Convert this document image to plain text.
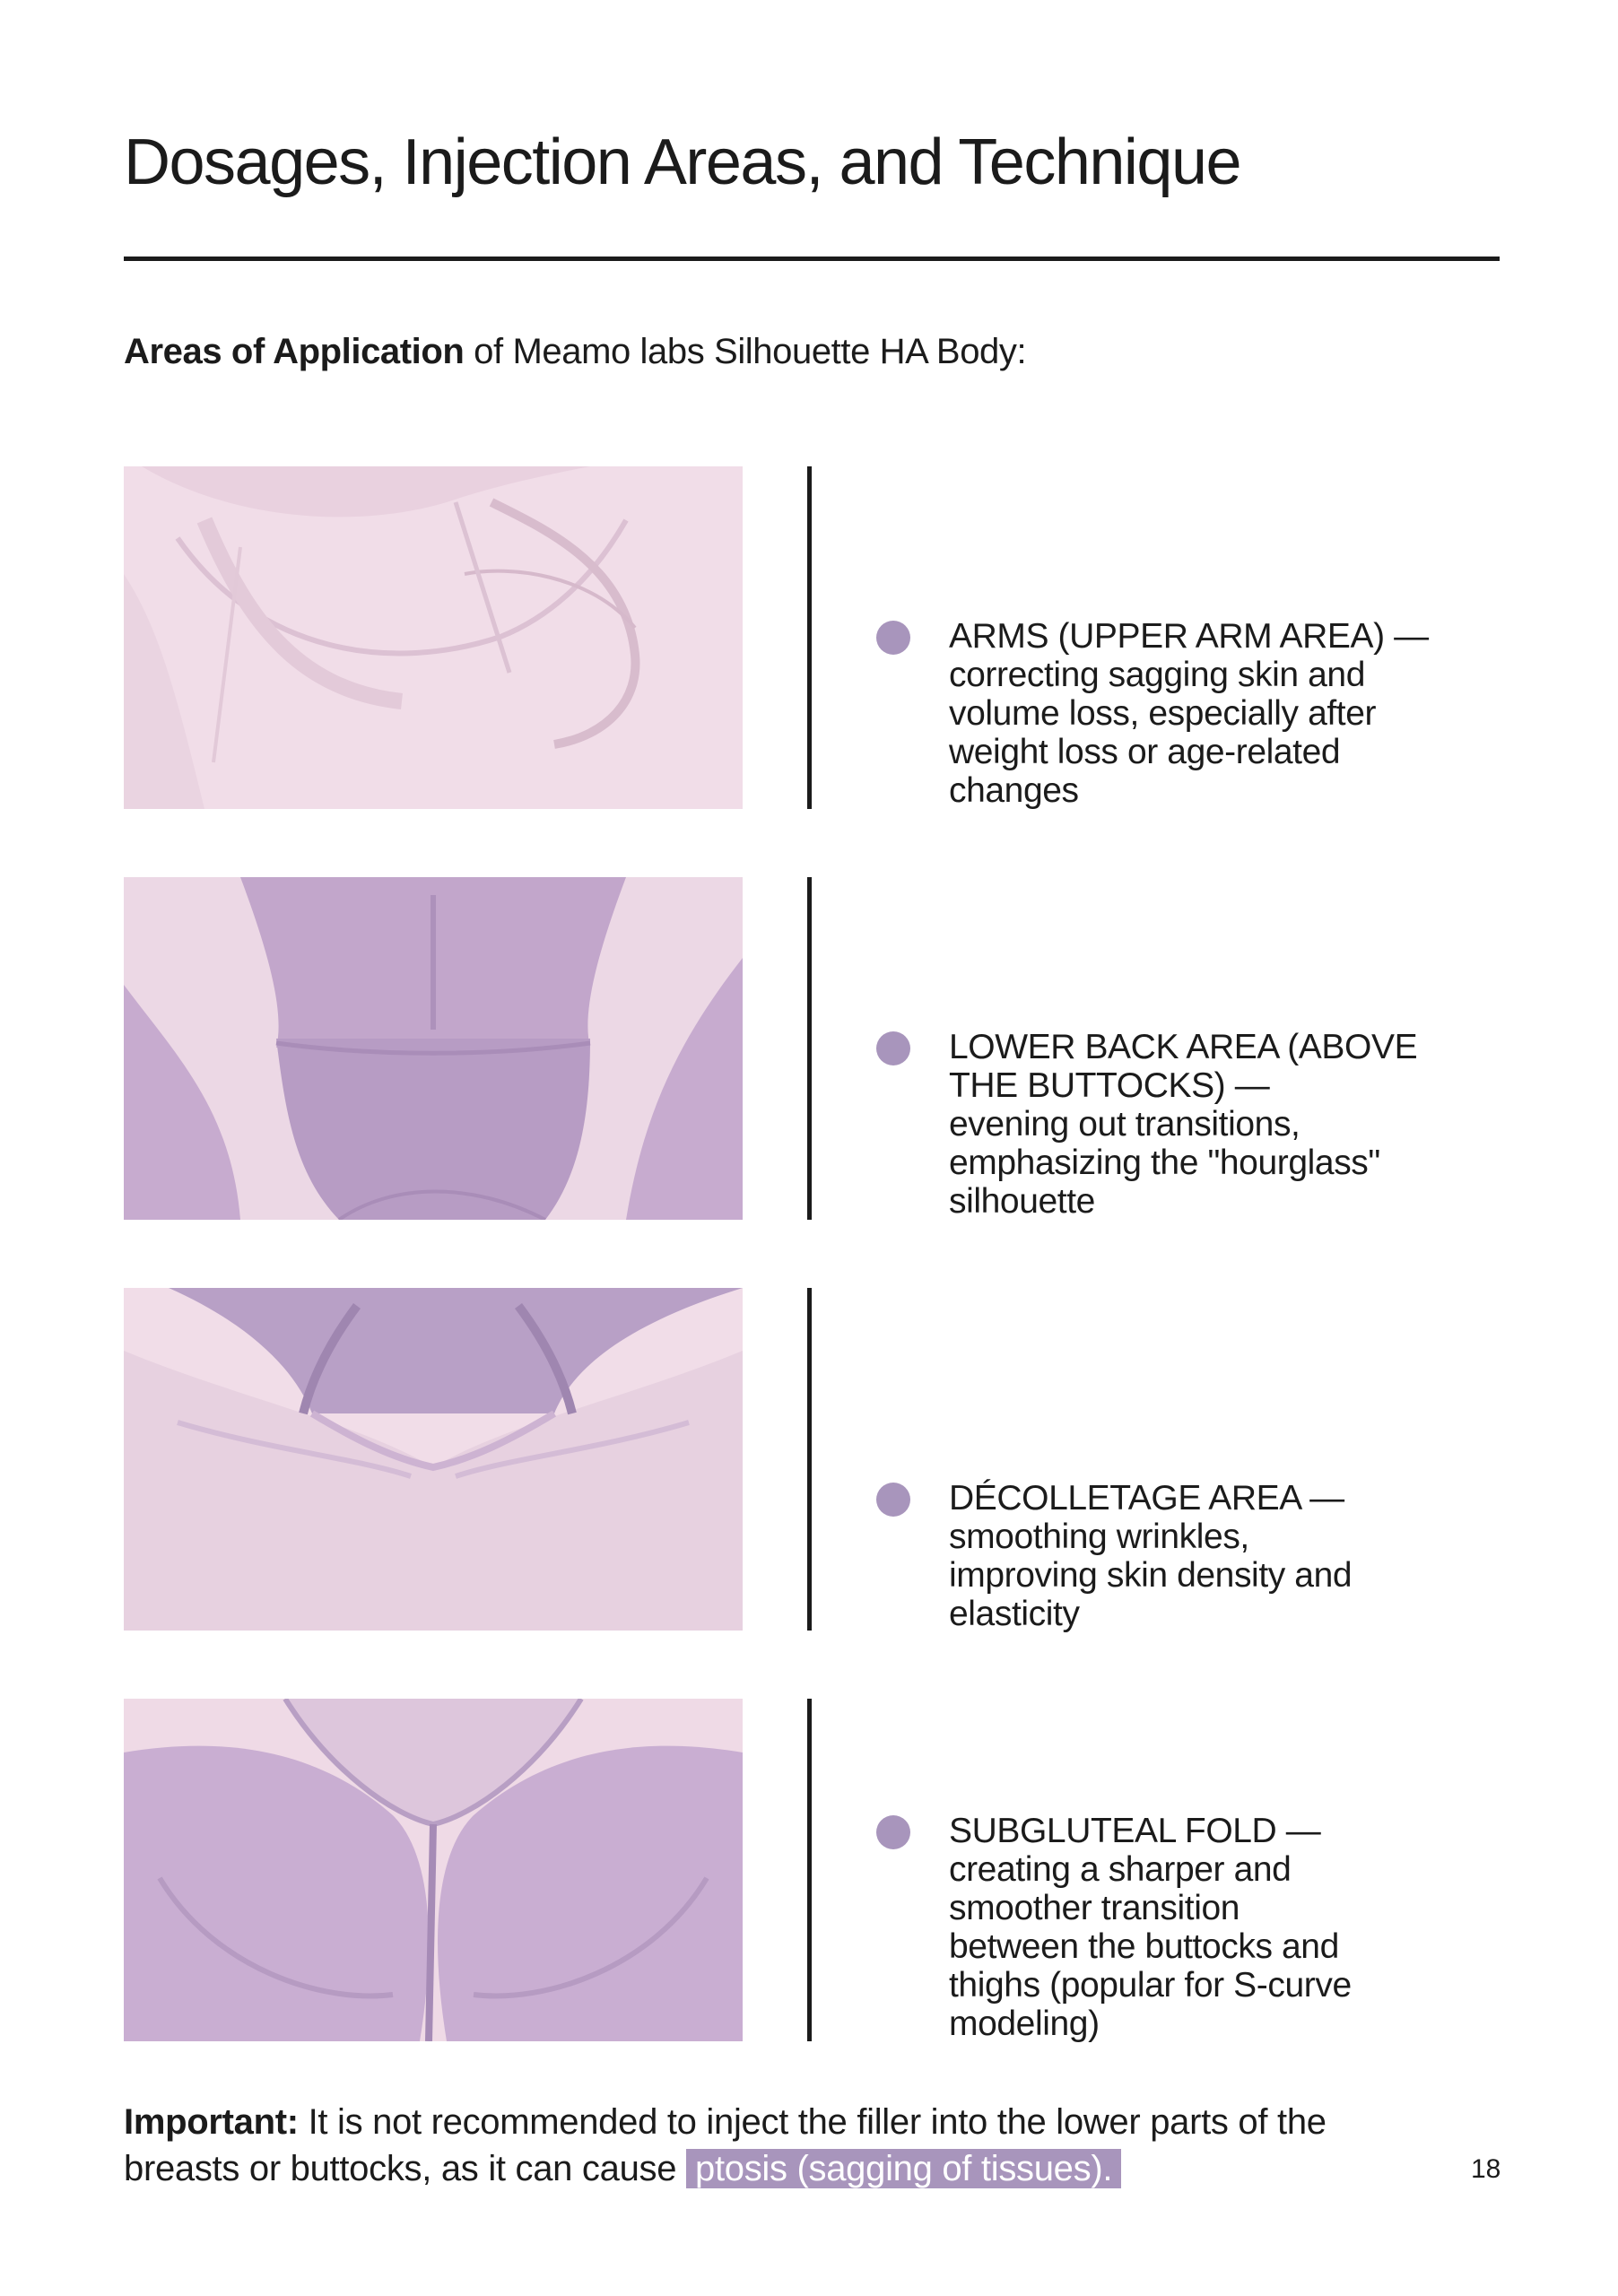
Dosages, Injection Areas, and Technique
Areas of Application of Meamo labs Silhouette HA Body:
ARMS (UPPER ARM AREA) —
correcting sagging skin and volume loss, especially after weight loss or age-related changes
LOWER BACK AREA (ABOVE THE BUTTOCKS) —
evening out transitions, emphasizing the "hourglass" silhouette
DÉCOLLETAGE AREA —
smoothing wrinkles, improving skin density and elasticity
SUBGLUTEAL FOLD —
creating a sharper and smoother transition between the buttocks and thighs (popular for S-curve modeling)
Important: It is not recommended to inject the filler into the lower parts of the breasts or buttocks, as it can cause ptosis (sagging of tissues).	18
